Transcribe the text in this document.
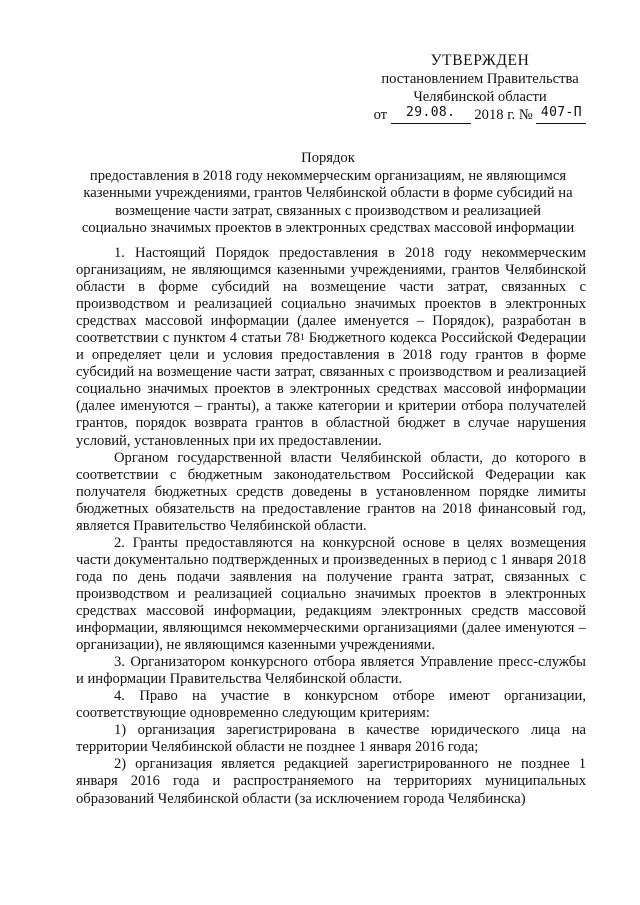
УТВЕРЖДЕН
постановлением Правительства
Челябинской области
от 29.08. 2018 г. № 407-П
Порядок
предоставления в 2018 году некоммерческим организациям, не являющимся
казенными учреждениями, грантов Челябинской области в форме субсидий на
возмещение части затрат, связанных с производством и реализацией
социально значимых проектов в электронных средствах массовой информации

1. Настоящий Порядок предоставления в 2018 году некоммерческим организациям, не являющимся казенными учреждениями, грантов Челябинской области в форме субсидий на возмещение части затрат, связанных с производством и реализацией социально значимых проектов в электронных средствах массовой информации (далее именуется – Порядок), разработан в соответствии с пунктом 4 статьи $78^1$ Бюджетного кодекса Российской Федерации и определяет цели и условия предоставления в 2018 году грантов в форме субсидий на возмещение части затрат, связанных с производством и реализацией социально значимых проектов в электронных средствах массовой информации (далее именуются – гранты), а также категории и критерии отбора получателей грантов, порядок возврата грантов в областной бюджет в случае нарушения условий, установленных при их предоставлении.

Органом государственной власти Челябинской области, до которого в соответствии с бюджетным законодательством Российской Федерации как получателя бюджетных средств доведены в установленном порядке лимиты бюджетных обязательств на предоставление грантов на 2018 финансовый год, является Правительство Челябинской области.

2. Гранты предоставляются на конкурсной основе в целях возмещения части документально подтвержденных и произведенных в период с 1 января 2018 года по день подачи заявления на получение гранта затрат, связанных с производством и реализацией социально значимых проектов в электронных средствах массовой информации, редакциям электронных средств массовой информации, являющимся некоммерческими организациями (далее именуются – организации), не являющимся казенными учреждениями.

3. Организатором конкурсного отбора является Управление пресс-службы и информации Правительства Челябинской области.

4. Право на участие в конкурсном отборе имеют организации, соответствующие одновременно следующим критериям:

1) организация зарегистрирована в качестве юридического лица на территории Челябинской области не позднее 1 января 2016 года;

2) организация является редакцией зарегистрированного не позднее 1 января 2016 года и распространяемого на территориях муниципальных образований Челябинской области (за исключением города Челябинска)
